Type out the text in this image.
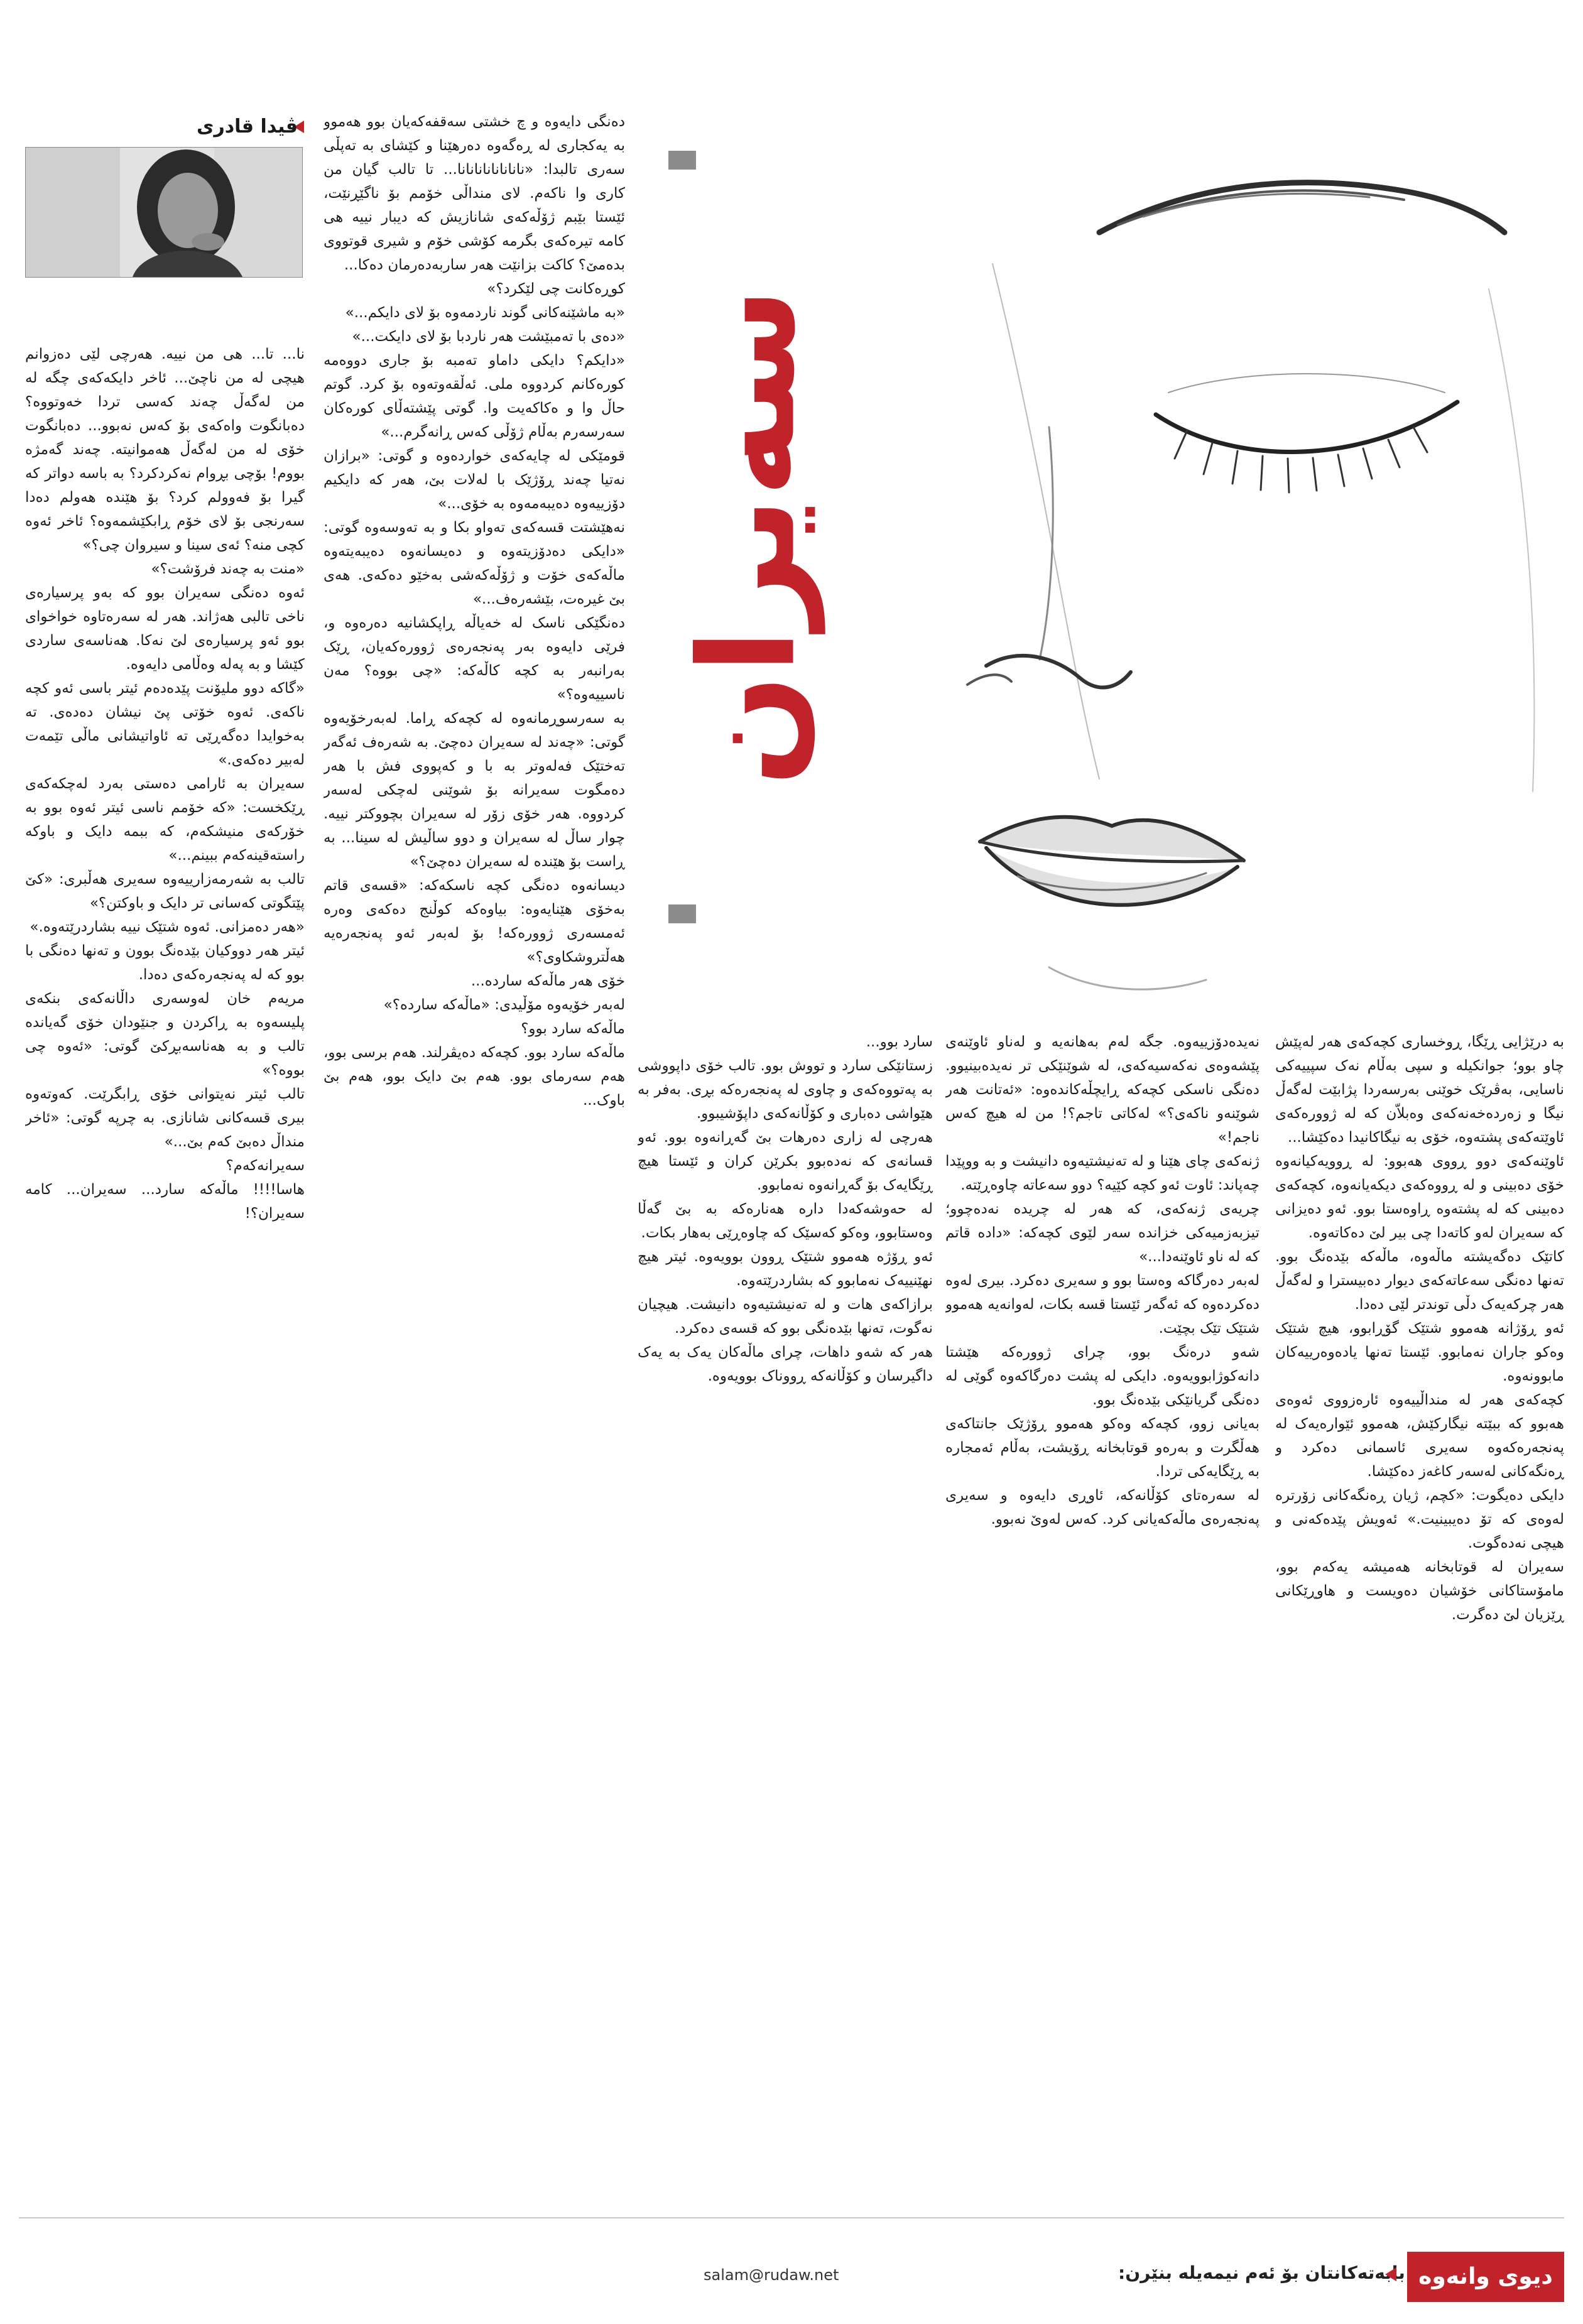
سەیران
ڤیدا قادری
بە درێژایی ڕێگا، ڕوخساری کچەکەی هەر لەپێش چاو بوو؛ جوانکیلە و سپی بەڵام نەک سپییەکی ناسایی، بەڤرێک خوێنی بەرسەردا پژابێت لەگەڵ نیگا و زەردەخەنەکەی وەبلاّن کە لە ژوورەکەی ئاوێتەکەی پشتەوە، خۆی بە نیگاکانیدا دەکێشا...
ئاوێنەکەی دوو ڕووی هەبوو: لە ڕوویەکیانەوە خۆی دەبینی و لە ڕووەکەی دیکەیانەوە، کچەکەی دەبینی کە لە پشتەوە ڕاوەستا بوو. ئەو دەیزانی کە سەیران لەو کاتەدا چی بیر لێ دەکاتەوە.
کاتێک دەگەیشتە ماڵەوە، ماڵەکە بێدەنگ بوو. تەنها دەنگی سەعاتەکەی دیوار دەبیسترا و لەگەڵ هەر چرکەیەک دڵی توندتر لێی دەدا.
ئەو ڕۆژانە هەموو شتێک گۆڕابوو، هیچ شتێک وەکو جاران نەمابوو. ئێستا تەنها یادەوەرییەکان مابوونەوە.
کچەکەی هەر لە منداڵییەوە ئارەزووی ئەوەی هەبوو کە ببێتە نیگارکێش، هەموو ئێوارەیەک لە پەنجەرەکەوە سەیری ئاسمانی دەکرد و ڕەنگەکانی لەسەر کاغەز دەکێشا.
دایکی دەیگوت: «کچم، ژیان ڕەنگەکانی زۆرترە لەوەی کە تۆ دەیبینیت.» ئەویش پێدەکەنی و هیچی نەدەگوت.
سەیران لە قوتابخانە هەمیشە یەکەم بوو، مامۆستاکانی خۆشیان دەویست و هاوڕێکانی ڕێزیان لێ دەگرت.
نەیدەدۆزییەوە. جگە لەم بەهانەیە و لەناو ئاوێنەی پێشەوەی نەکەسیەکەی، لە شوێنێکی تر نەیدەبینیوو. دەنگی ناسکی کچەکە ڕایچڵەکاندەوە: «ئەتانت هەر شوێنەو ناکەی؟» لەکاتی تاجم؟! من لە هیچ کەس ناجم!»
ژنەکەی چای هێنا و لە تەنیشتیەوە دانیشت و بە ووپێدا چەپاند: ئاوت ئەو کچە کێیە؟ دوو سەعاتە چاوەڕێتە.
چریەی ژنەکەی، کە هەر لە چریدە نەدەچوو؛ تیزبەزمیەکی خزاندە سەر لێوی کچەکە: «دادە قاتم کە لە ناو ئاوێنەدا...»
لەبەر دەرگاکە وەستا بوو و سەیری دەکرد. بیری لەوە دەکردەوە کە ئەگەر ئێستا قسە بکات، لەوانەیە هەموو شتێک تێک بچێت.
شەو درەنگ بوو، چرای ژوورەکە هێشتا دانەکوژابوویەوە. دایکی لە پشت دەرگاکەوە گوێی لە دەنگی گریانێکی بێدەنگ بوو.
بەیانی زوو، کچەکە وەکو هەموو ڕۆژێک جانتاکەی هەڵگرت و بەرەو قوتابخانە ڕۆیشت، بەڵام ئەمجارە بە ڕێگایەکی تردا.
لە سەرەتای کۆڵانەکە، ئاوڕی دایەوە و سەیری پەنجەرەی ماڵەکەیانی کرد. کەس لەوێ نەبوو.
سارد بوو...
زستانێکی سارد و تووش بوو. تالب خۆی داپووشی بە پەتووەکەی و چاوی لە پەنجەرەکە بڕی. بەفر بە هێواشی دەباری و کۆڵانەکەی داپۆشیبوو.
هەرچی لە زاری دەرهات بێ گەڕانەوە بوو. ئەو قسانەی کە نەدەبوو بکرێن کران و ئێستا هیچ ڕێگایەک بۆ گەڕانەوە نەمابوو.
لە حەوشەکەدا دارە هەنارەکە بە بێ گەڵا وەستابوو، وەکو کەسێک کە چاوەڕێی بەهار بکات.
ئەو ڕۆژە هەموو شتێک ڕوون بوویەوە. ئیتر هیچ نهێنییەک نەمابوو کە بشاردرێتەوە.
برازاکەی هات و لە تەنیشتیەوە دانیشت. هیچیان نەگوت، تەنها بێدەنگی بوو کە قسەی دەکرد.
هەر کە شەو داهات، چرای ماڵەکان یەک بە یەک داگیرسان و کۆڵانەکە ڕووناک بوویەوە.
دەنگی دایەوە و چ خشتی سەقفەکەیان بوو هەموو بە یەکجاری لە ڕەگەوە دەرهێنا و کێشای بە تەپڵی سەری تالبدا: «نانانانانانانانا... تا تالب گیان من کاری وا ناکەم. لای منداڵی خۆمم بۆ ناگێڕنێت، ئێستا بێبم ژۆڵەکەی شانازیش کە دیبار نییە هی کامە تیرەکەی بگرمە کۆشی خۆم و شیری قوتووی بدەمێ؟ کاکت بزانێت هەر ساربەدەرمان دەکا...
کوڕەکانت چی لێکرد؟»
«بە ماشێنەکانی گوند ناردمەوە بۆ لای دایکم...»
«دەی با تەمبێشت هەر ناردبا بۆ لای دایکت...»
«دایکم؟ دایکی داماو تەمبە بۆ جاری دووەمە کورەکانم کردووە ملی. ئەڵقەوتەوە بۆ کرد. گوتم حاڵ وا و ەکاکەیت وا. گوتی پێشتەڵای کورەکان سەرسەرم بەڵام ژۆڵی کەس ڕانەگرم...»
قومێکی لە چایەکەی خواردەوە و گوتی: «برازان نەتیا چەند ڕۆژێک با لەلات بێ، هەر کە دایکیم دۆزییەوە دەیبەمەوە بە خۆی...»
نەهێشتت قسەکەی تەواو بکا و بە تەوسەوە گوتی: «دایکی دەدۆزیتەوە و دەیسانەوە دەیبەیتەوە ماڵەکەی خۆت و ژۆڵەکەشی بەخێو دەکەی. هەی بێ غیرەت، بێشەرەف...»
دەنگێکی ناسک لە خەیاڵە ڕاپکشانیە دەرەوە و، فرێی دایەوە بەر پەنجەرەی ژوورەکەیان، ڕێک بەرانبەر بە کچە کاڵەکە: «چی بووە؟ مەن ناسییەوە؟»
بە سەرسوڕمانەوە لە کچەکە ڕاما. لەبەرخۆیەوە گوتی: «چەند لە سەیران دەچێ. بە شەرەف ئەگەر تەختێک فەلەوتر بە با و کەپووی فش با هەر دەمگوت سەیرانە بۆ شوێنی لەچکی لەسەر کردووە. هەر خۆی زۆر لە سەیران بچووکتر نییە. چوار ساڵ لە سەیران و دوو ساڵیش لە سینا... بە ڕاست بۆ هێندە لە سەیران دەچێ؟»
دیسانەوە دەنگی کچە ناسکەکە: «قسەی قاتم بەخۆی هێنایەوە: بیاوەکە کوڵنج دەکەی وەرە ئەمسەری ژوورەکە! بۆ لەبەر ئەو پەنجەرەیە هەڵتروشکاوی؟»
خۆی هەر ماڵەکە ساردە...
لەبەر خۆیەوە مۆڵیدی: «ماڵەکە ساردە؟»
ماڵەکە سارد بوو؟
ماڵەکە سارد بوو. کچەکە دەیڤرلند. هەم برسی بوو، هەم سەرمای بوو. هەم بێ دایک بوو، هەم بێ باوک...
نا... تا... هی من نییە. هەرچی لێی دەزوانم هیچی لە من ناچێ... ئاخر دایکەکەی چگە لە من لەگەڵ چەند کەسی تردا خەوتووە؟ دەبانگوت واەکەی بۆ کەس نەبوو... دەبانگوت خۆی لە من لەگەڵ هەموانیتە. چەند گەمژە بووم! بۆچی بڕوام نەکردکرد؟ بە باسە دواتر کە گیرا بۆ فەوولم کرد؟ بۆ هێندە هەولم دەدا سەرنجی بۆ لای خۆم ڕابکێشمەوە؟ ئاخر ئەوە کچی منە؟ ئەی سینا و سیروان چی؟»
«منت بە چەند فرۆشت؟»
ئەوە دەنگی سەیران بوو کە بەو پرسیارەی ناخی تالبی هەژاند. هەر لە سەرەتاوە خواخوای بوو ئەو پرسیارەی لێ نەکا. هەناسەی ساردی کێشا و بە پەلە وەڵامی دایەوە.
«گاکە دوو ملیۆنت پێدەدەم ئیتر باسی ئەو کچە ناکەی. ئەوە خۆتی پێ نیشان دەدەی. تە بەخوایدا دەگەڕێی تە ئاواتیشانی ماڵی تێمەت لەبیر دەکەی.»
سەیران بە ئارامی دەستی بەرد لەچکەکەی ڕێکخست: «کە خۆمم ناسی ئیتر ئەوە بوو بە خۆرکەی منیشکەم، کە ببمە دایک و باوکە راستەقینەکەم ببینم...»
تالب بە شەرمەزارییەوە سەیری هەڵبری: «کێ پێتگوتی کەسانی تر دایک و باوکتن؟»
«هەر دەمزانی. ئەوە شتێک نییە بشاردرێتەوە.»
ئیتر هەر دووکیان بێدەنگ بوون و تەنها دەنگی با بوو کە لە پەنجەرەکەی دەدا.
مریەم خان لەوسەری داڵانەکەی بنکەی پلیسەوە بە ڕاکردن و جنێودان خۆی گەیاندە تالب و بە هەناسەبڕکێ گوتی: «ئەوە چی بووە؟»
تالب ئیتر نەیتوانی خۆی ڕابگرێت. کەوتەوە بیری قسەکانی شانازی. بە چرپە گوتی: «ئاخر منداڵ دەبێ کەم بێ...»
سەیرانەکەم؟
هاسا!!!! ماڵەکە سارد... سەیران... کامە سەیران؟!
salam@rudaw.net	بابەتەکانتان بۆ ئەم نیمەیلە بنێرن: دیوی وانەوە
